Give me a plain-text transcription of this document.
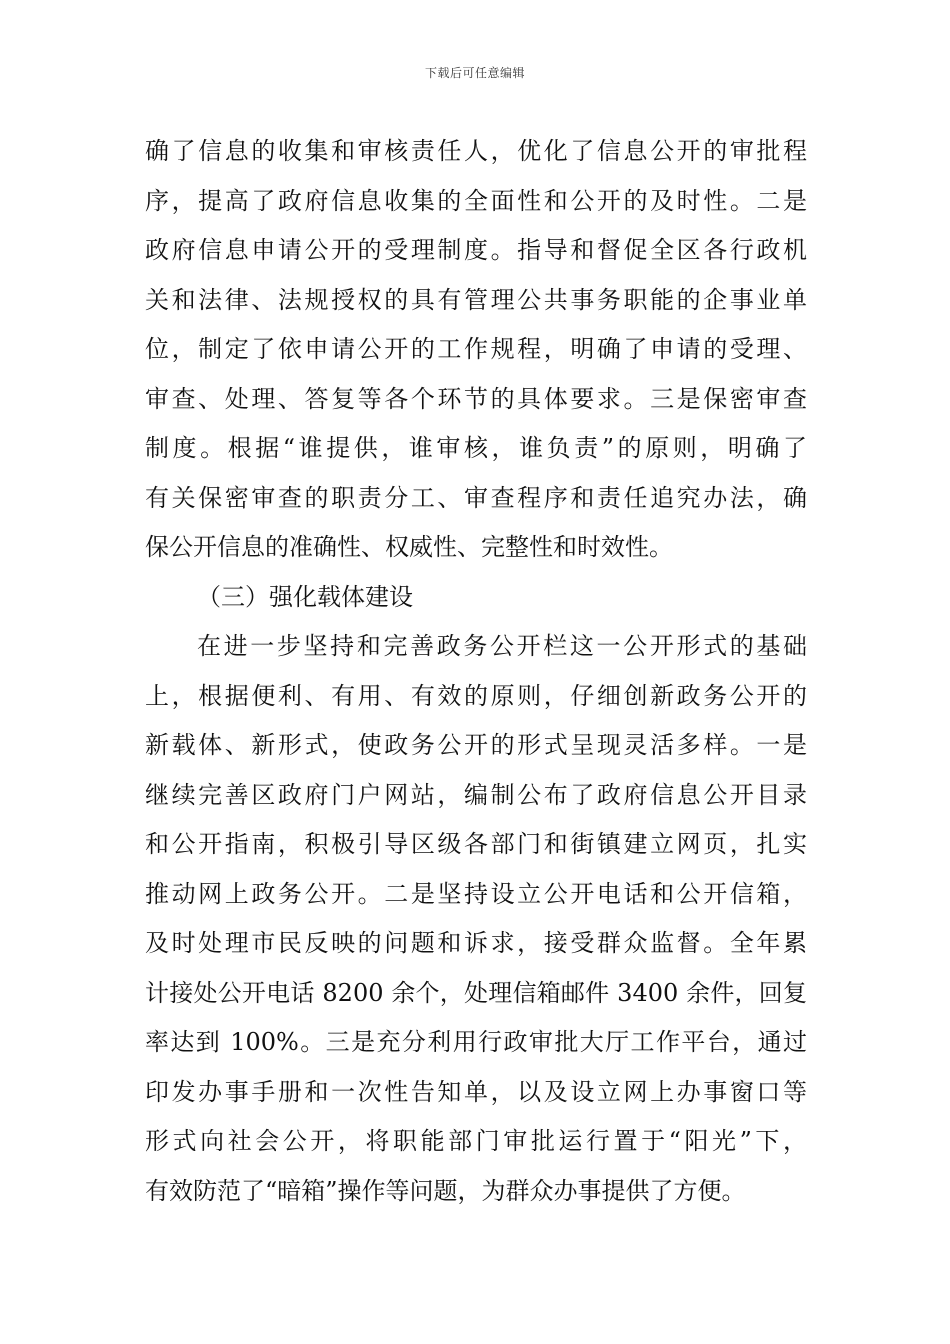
下载后可任意编辑
确了信息的收集和审核责任人，优化了信息公开的审批程
序，提高了政府信息收集的全面性和公开的及时性。二是
政府信息申请公开的受理制度。指导和督促全区各行政机
关和法律、法规授权的具有管理公共事务职能的企事业单
位，制定了依申请公开的工作规程，明确了申请的受理、
审查、处理、答复等各个环节的具体要求。三是保密审查
制度。根据“谁提供，谁审核，谁负责”的原则，明确了
有关保密审查的职责分工、审查程序和责任追究办法，确
保公开信息的准确性、权威性、完整性和时效性。
（三）强化载体建设
在进一步坚持和完善政务公开栏这一公开形式的基础
上，根据便利、有用、有效的原则，仔细创新政务公开的
新载体、新形式，使政务公开的形式呈现灵活多样。一是
继续完善区政府门户网站，编制公布了政府信息公开目录
和公开指南，积极引导区级各部门和街镇建立网页，扎实
推动网上政务公开。二是坚持设立公开电话和公开信箱，
及时处理市民反映的问题和诉求，接受群众监督。全年累
计接处公开电话 8200 余个，处理信箱邮件 3400 余件，回复
率达到 100%。三是充分利用行政审批大厅工作平台，通过
印发办事手册和一次性告知单，以及设立网上办事窗口等
形式向社会公开，将职能部门审批运行置于“阳光”下，
有效防范了“暗箱”操作等问题，为群众办事提供了方便。
